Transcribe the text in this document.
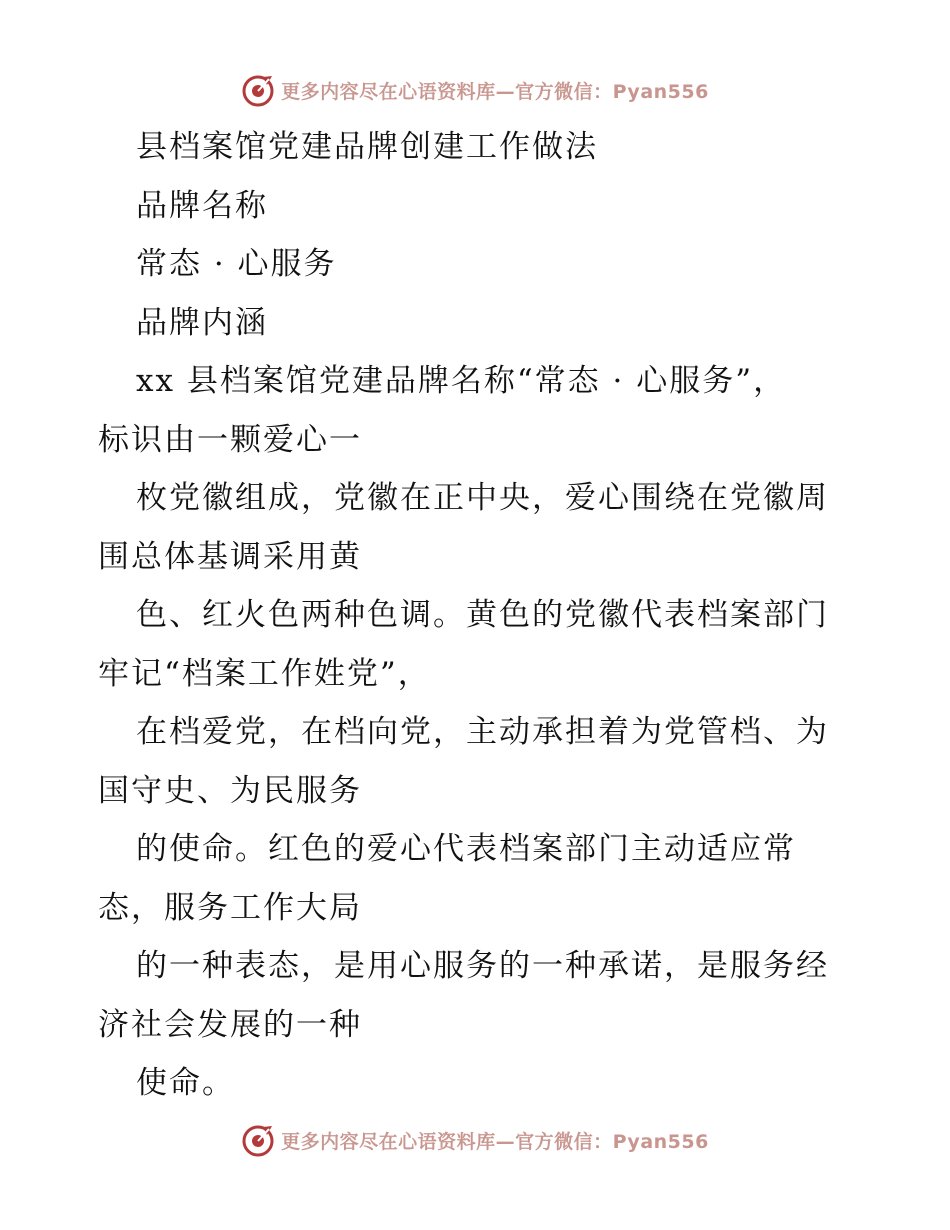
更多内容尽在心语资料库—官方微信：Pyan556
县档案馆党建品牌创建工作做法
品牌名称
常态 · 心服务
品牌内涵
xx 县档案馆党建品牌名称“常态 · 心服务”，
标识由一颗爱心一
枚党徽组成，党徽在正中央，爱心围绕在党徽周
围总体基调采用黄
色、红火色两种色调。黄色的党徽代表档案部门
牢记“档案工作姓党”，
在档爱党，在档向党，主动承担着为党管档、为
国守史、为民服务
的使命。红色的爱心代表档案部门主动适应常
态，服务工作大局
的一种表态，是用心服务的一种承诺，是服务经
济社会发展的一种
使命。
更多内容尽在心语资料库—官方微信：Pyan556
